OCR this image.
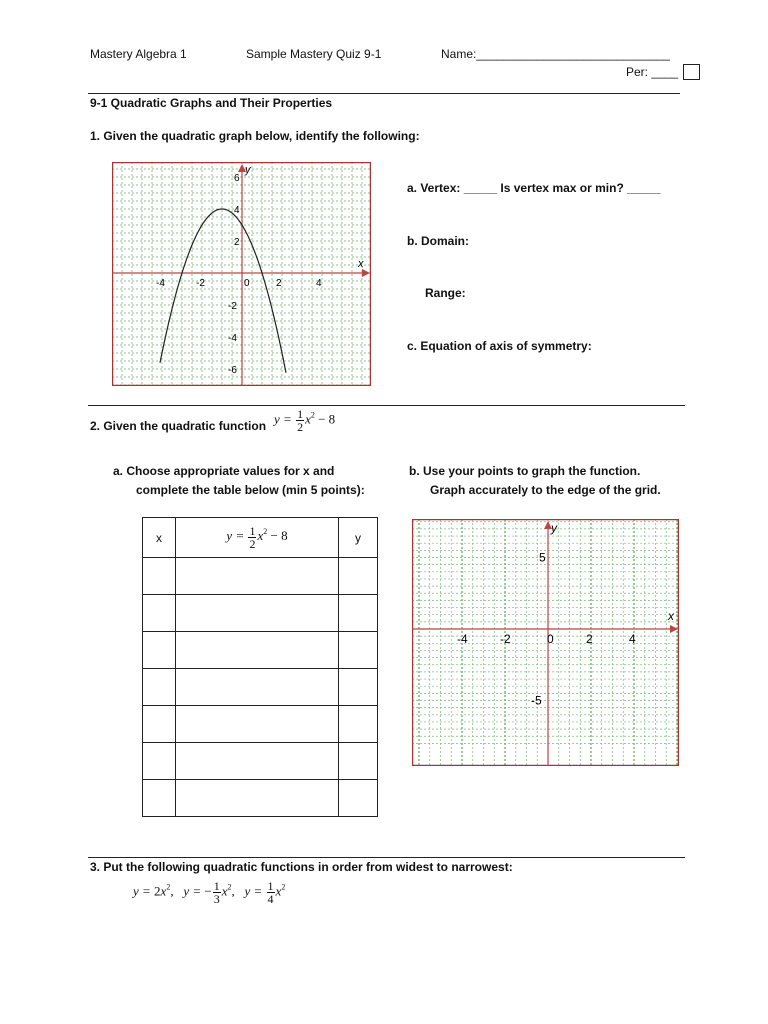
Mastery Algebra 1	Sample Mastery Quiz 9-1	Name:_____________________________
Per: ____
9-1 Quadratic Graphs and Their Properties
1. Given the quadratic graph below, identify the following:
x
y
-4	-2	0	2	4
6
4
2
-2
-4
-6
a. Vertex: _____ Is vertex max or min? _____
b. Domain:
Range:
c. Equation of axis of symmetry:
2. Given the quadratic function $y = \frac{1}{2} x^2 - 8$
a. Choose appropriate values for x and
complete the table below (min 5 points):
b. Use your points to graph the function.
Graph accurately to the edge of the grid.
x	$y = \frac{1}{2} x^2 - 8$	y

x
y
-4	-2	0	2	4
5
-5
3. Put the following quadratic functions in order from widest to narrowest:
$y = 2x^2$,   y = − $\frac{1}{3} x^2$,   $y = \frac{1}{4} x^2$
